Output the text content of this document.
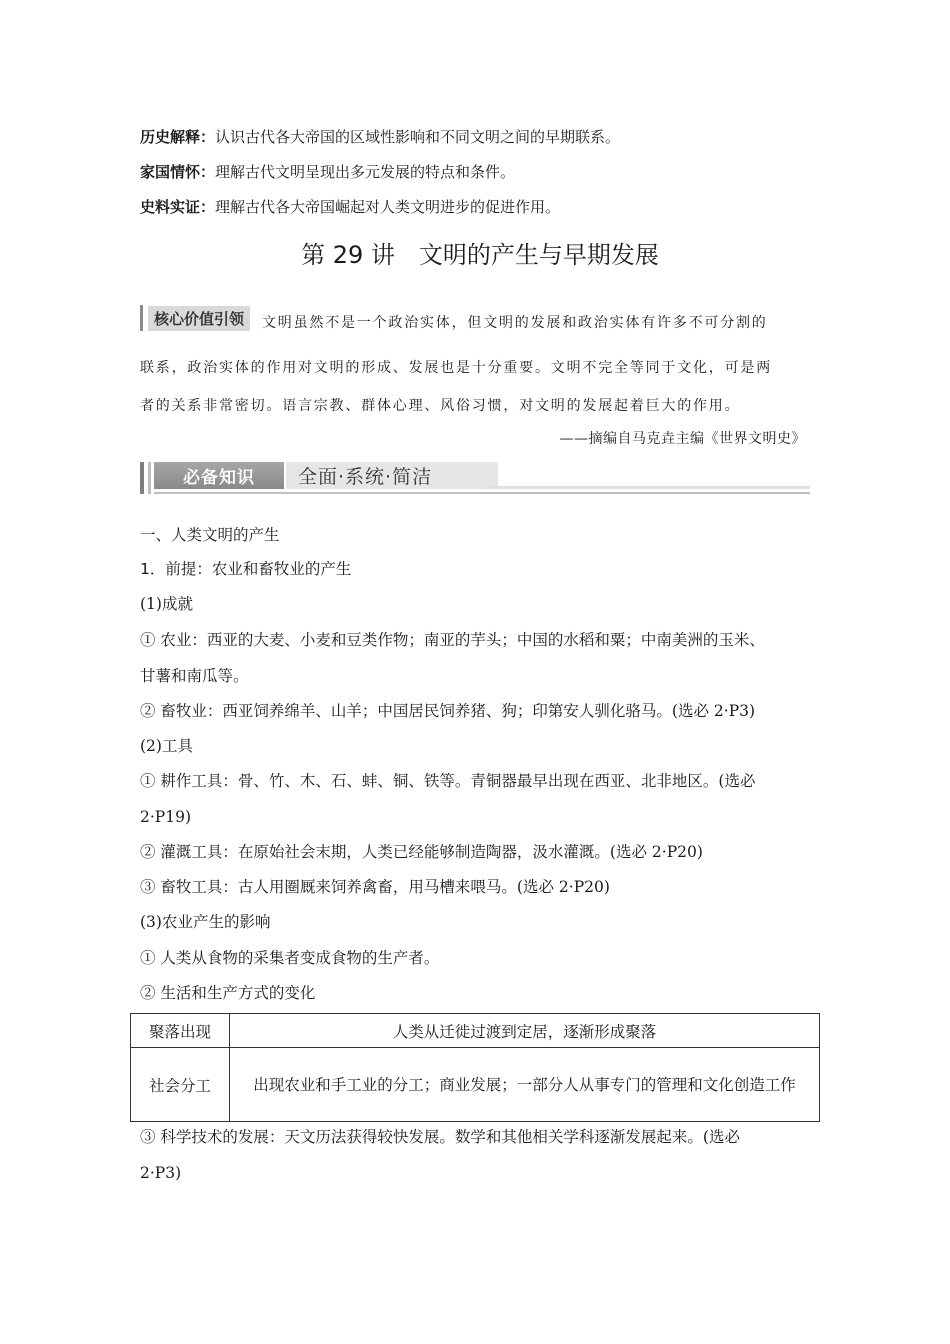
历史解释：认识古代各大帝国的区域性影响和不同文明之间的早期联系。
家国情怀：理解古代文明呈现出多元发展的特点和条件。
史料实证：理解古代各大帝国崛起对人类文明进步的促进作用。
第 29 讲　文明的产生与早期发展
核心价值引领	文明虽然不是一个政治实体，但文明的发展和政治实体有许多不可分割的
联系，政治实体的作用对文明的形成、发展也是十分重要。文明不完全等同于文化，可是两
者的关系非常密切。语言宗教、群体心理、风俗习惯，对文明的发展起着巨大的作用。
——摘编自马克垚主编《世界文明史》
必备知识	全面·系统·简洁
一、人类文明的产生
1．前提：农业和畜牧业的产生
(1)成就
① 农业：西亚的大麦、小麦和豆类作物；南亚的芋头；中国的水稻和粟；中南美洲的玉米、
甘薯和南瓜等。
② 畜牧业：西亚饲养绵羊、山羊；中国居民饲养猪、狗；印第安人驯化骆马。(选必 2·P3)
(2)工具
① 耕作工具：骨、竹、木、石、蚌、铜、铁等。青铜器最早出现在西亚、北非地区。(选必
2·P19)
② 灌溉工具：在原始社会末期，人类已经能够制造陶器，汲水灌溉。(选必 2·P20)
③ 畜牧工具：古人用圈厩来饲养禽畜，用马槽来喂马。(选必 2·P20)
(3)农业产生的影响
① 人类从食物的采集者变成食物的生产者。
② 生活和生产方式的变化
聚落出现	人类从迁徙过渡到定居，逐渐形成聚落
社会分工	出现农业和手工业的分工；商业发展；一部分人从事专门的管理和文化创造工作
③ 科学技术的发展：天文历法获得较快发展。数学和其他相关学科逐渐发展起来。(选必
2·P3)
